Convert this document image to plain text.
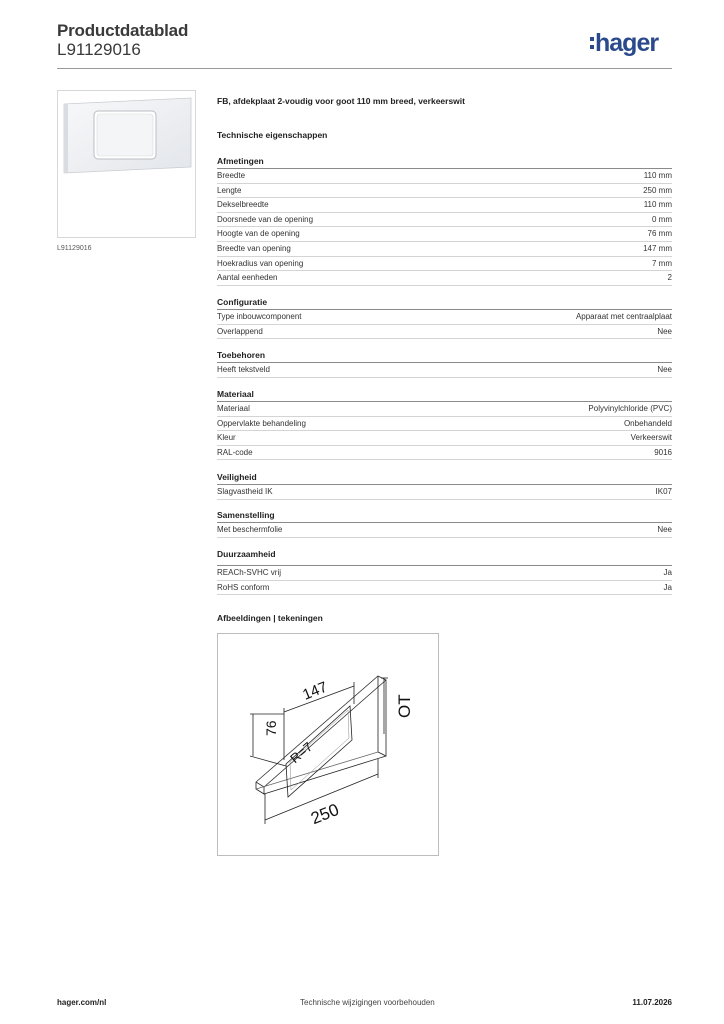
Productdatablad
L91129016	hager
L91129016
FB, afdekplaat 2-voudig voor goot 110 mm breed, verkeerswit
Technische eigenschappen
Afmetingen
Breedte	110 mm
Lengte	250 mm
Dekselbreedte	110 mm
Doorsnede van de opening	0 mm
Hoogte van de opening	76 mm
Breedte van opening	147 mm
Hoekradius van opening	7 mm
Aantal eenheden	2
Configuratie
Type inbouwcomponent	Apparaat met centraalplaat
Overlappend	Nee
Toebehoren
Heeft tekstveld	Nee
Materiaal
Materiaal	Polyvinylchloride (PVC)
Oppervlakte behandeling	Onbehandeld
Kleur	Verkeerswit
RAL-code	9016
Veiligheid
Slagvastheid IK	IK07
Samenstelling
Met beschermfolie	Nee
Duurzaamheid
REACh-SVHC vrij	Ja
RoHS conform	Ja
Afbeeldingen | tekeningen
147
76
R=7
250
OT
hager.com/nl	Technische wijzigingen voorbehouden	11.07.2026
